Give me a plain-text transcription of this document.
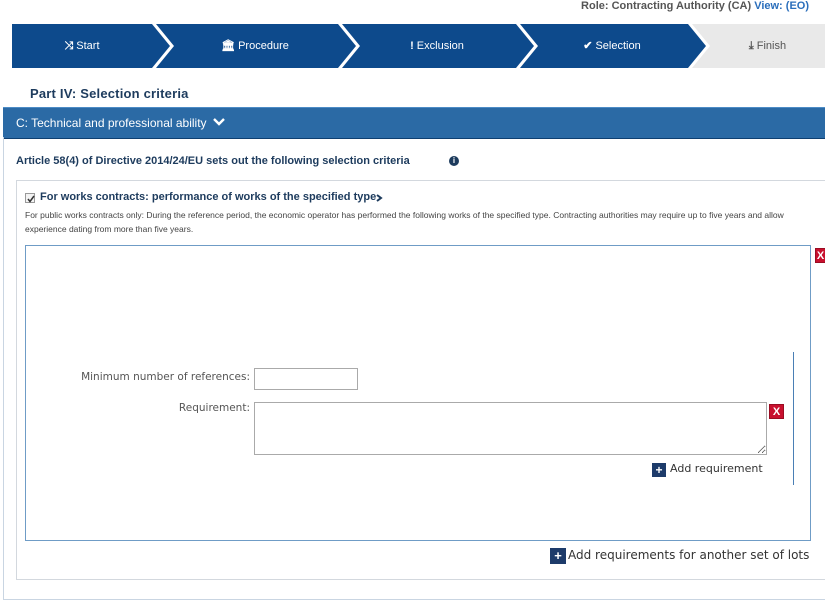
Role: Contracting Authority (CA) View: (EO)
⤨ Start	🏛 Procedure	! Exclusion	✔ Selection	⤓ Finish
Part IV: Selection criteria
C: Technical and professional ability
Article 58(4) of Directive 2014/24/EU sets out the following selection criteria	i
For works contracts: performance of works of the specified type
For public works contracts only: During the reference period, the economic operator has performed the following works of the specified type. Contracting authorities may require up to five years and allow experience dating from more than five years.
X
Minimum number of references:
Requirement:	X
+ Add requirement
+ Add requirements for another set of lots
